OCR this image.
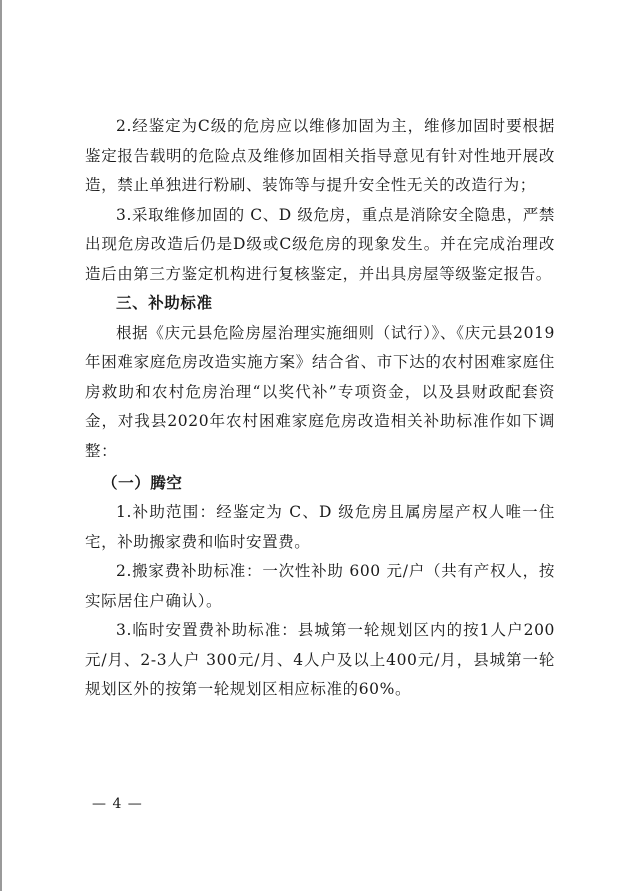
2.经鉴定为C级的危房应以维修加固为主，维修加固时要根据鉴定报告载明的危险点及维修加固相关指导意见有针对性地开展改造，禁止单独进行粉刷、装饰等与提升安全性无关的改造行为；

3.采取维修加固的 C、D 级危房，重点是消除安全隐患，严禁出现危房改造后仍是D级或C级危房的现象发生。并在完成治理改造后由第三方鉴定机构进行复核鉴定，并出具房屋等级鉴定报告。

三、补助标准

根据《庆元县危险房屋治理实施细则（试行）》、《庆元县2019年困难家庭危房改造实施方案》结合省、市下达的农村困难家庭住房救助和农村危房治理“以奖代补”专项资金，以及县财政配套资金，对我县2020年农村困难家庭危房改造相关补助标准作如下调整：

（一）腾空

1.补助范围：经鉴定为 C、D 级危房且属房屋产权人唯一住宅，补助搬家费和临时安置费。

2.搬家费补助标准：一次性补助 600 元/户（共有产权人，按实际居住户确认）。

3.临时安置费补助标准：县城第一轮规划区内的按1人户200元/月、2-3人户 300元/月、4人户及以上400元/月，县城第一轮规划区外的按第一轮规划区相应标准的60%。

— 4 —
